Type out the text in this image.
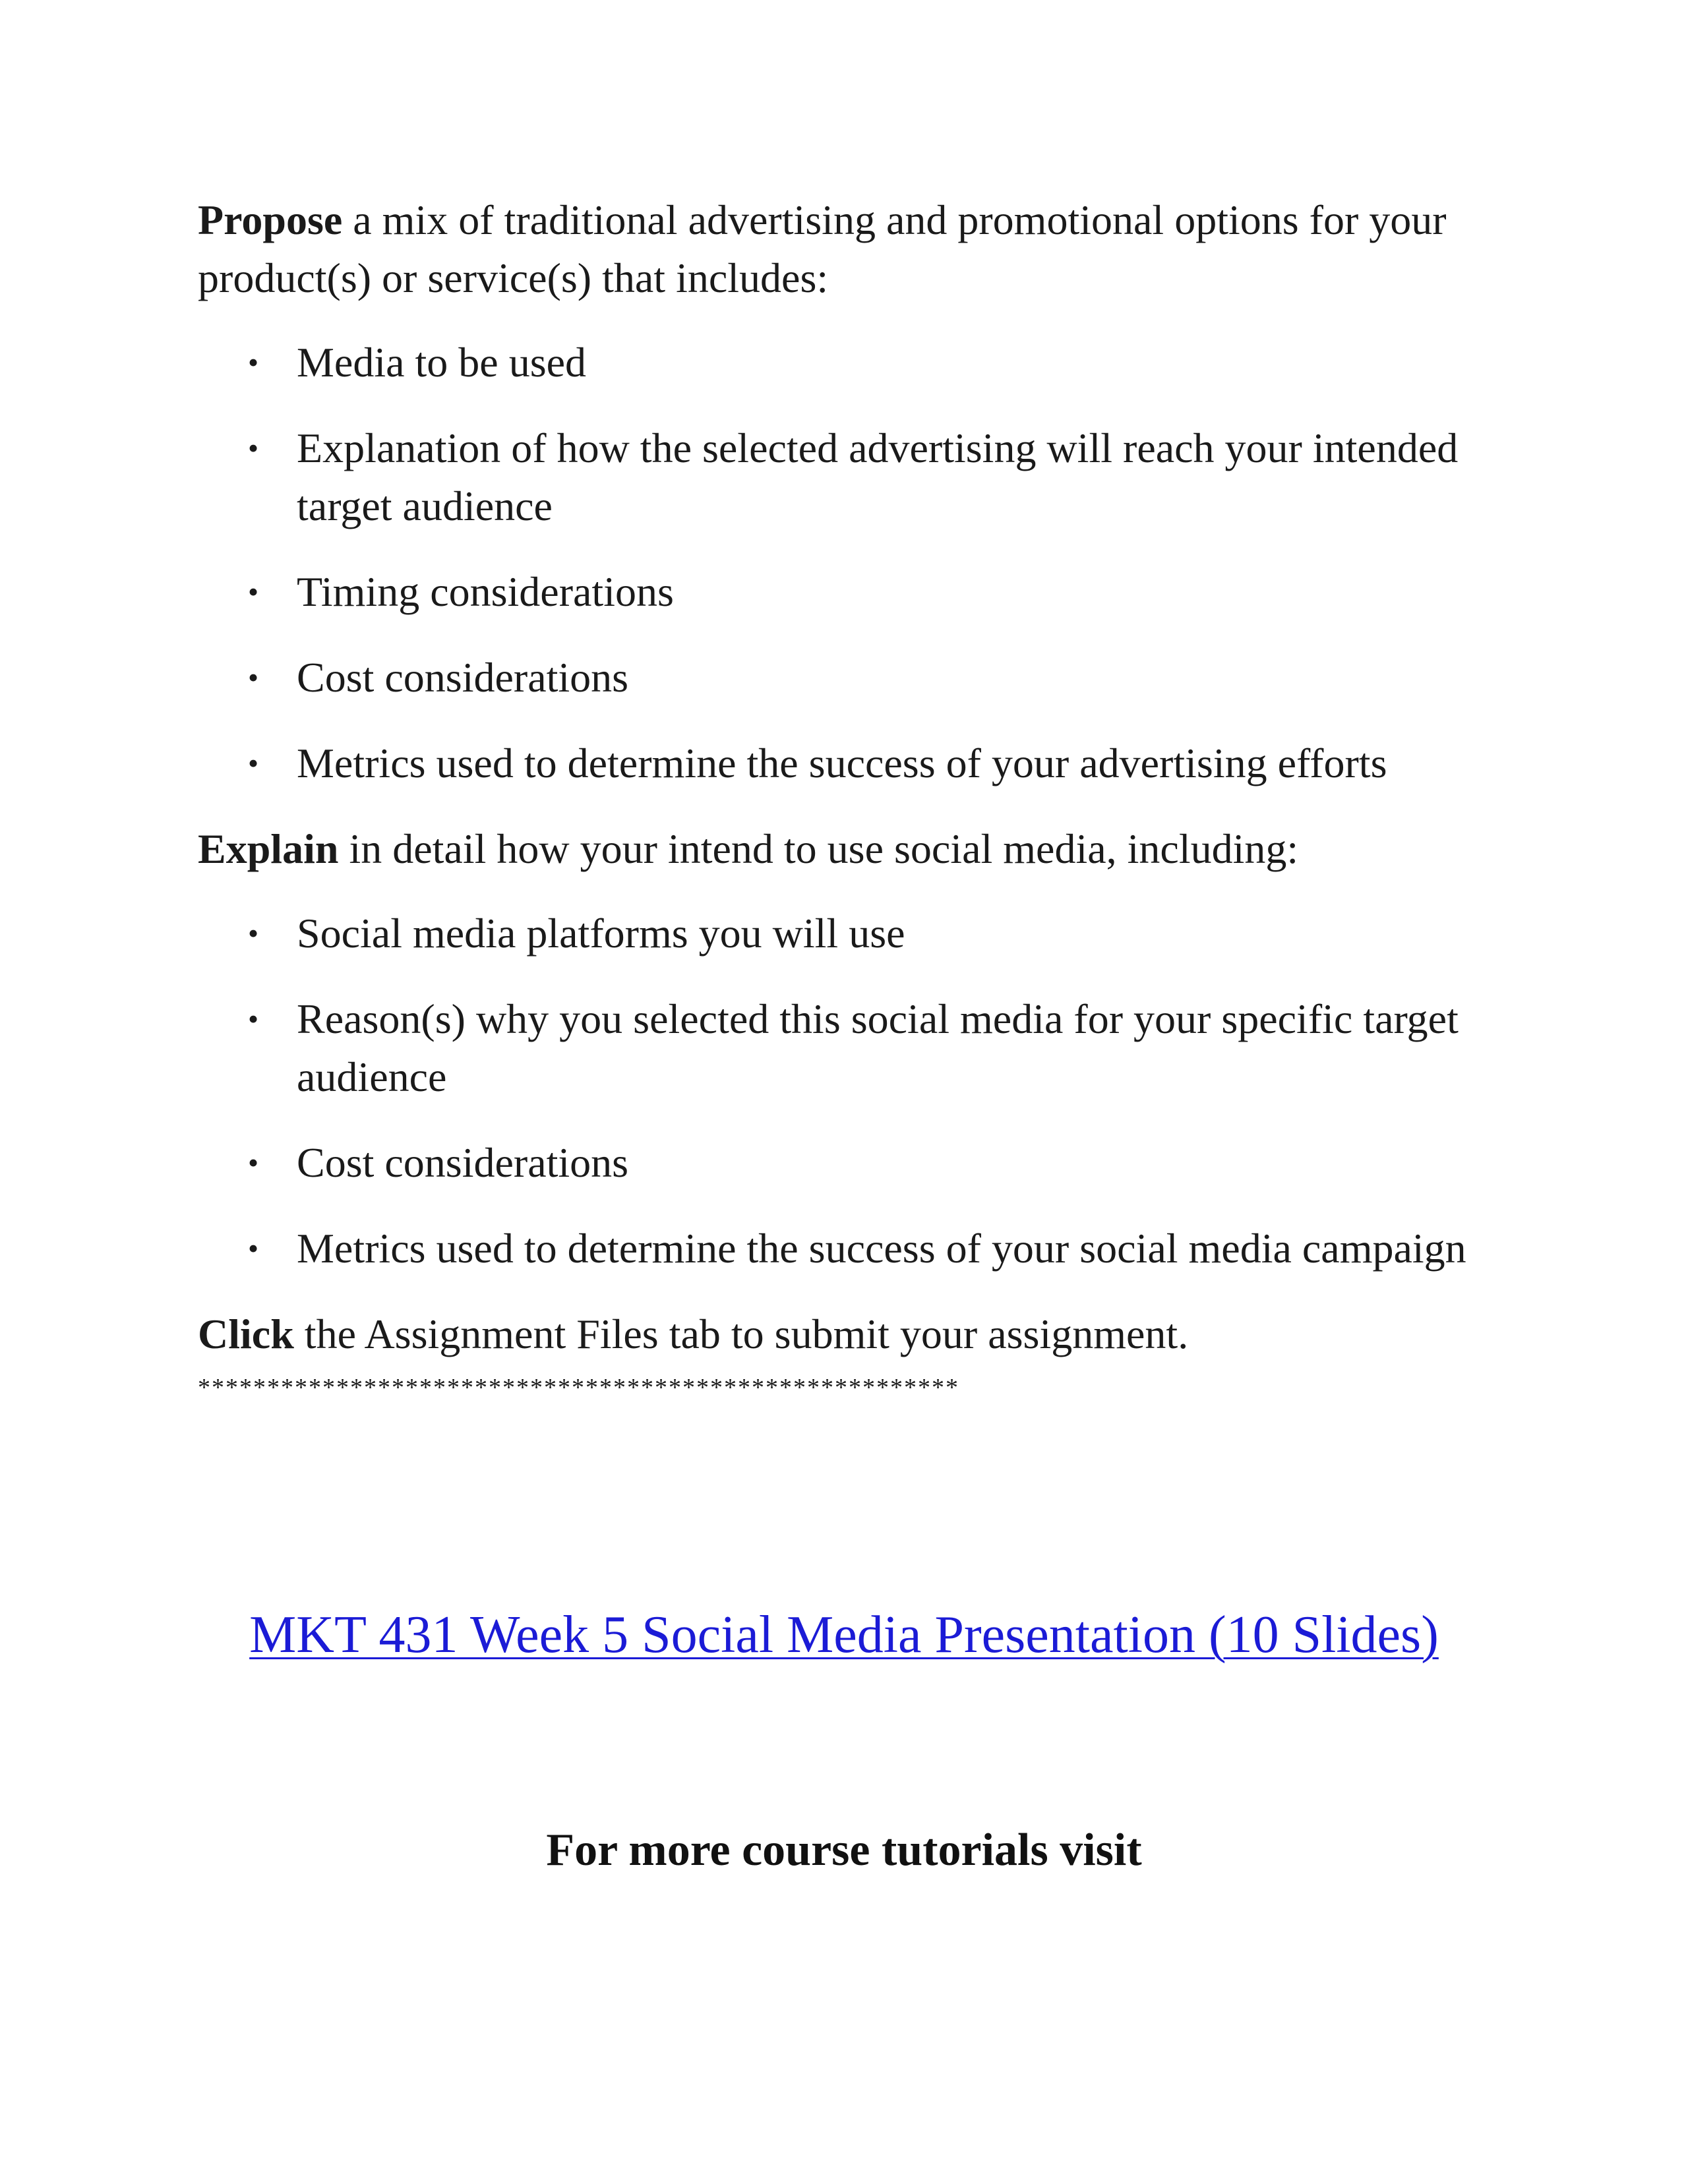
Propose a mix of traditional advertising and promotional options for your product(s) or service(s) that includes:

• Media to be used
• Explanation of how the selected advertising will reach your intended target audience
• Timing considerations
• Cost considerations
• Metrics used to determine the success of your advertising efforts

Explain in detail how your intend to use social media, including:

• Social media platforms you will use
• Reason(s) why you selected this social media for your specific target audience
• Cost considerations
• Metrics used to determine the success of your social media campaign

Click the Assignment Files tab to submit your assignment.

*******************************************************
MKT 431 Week 5 Social Media Presentation (10 Slides)
For more course tutorials visit
